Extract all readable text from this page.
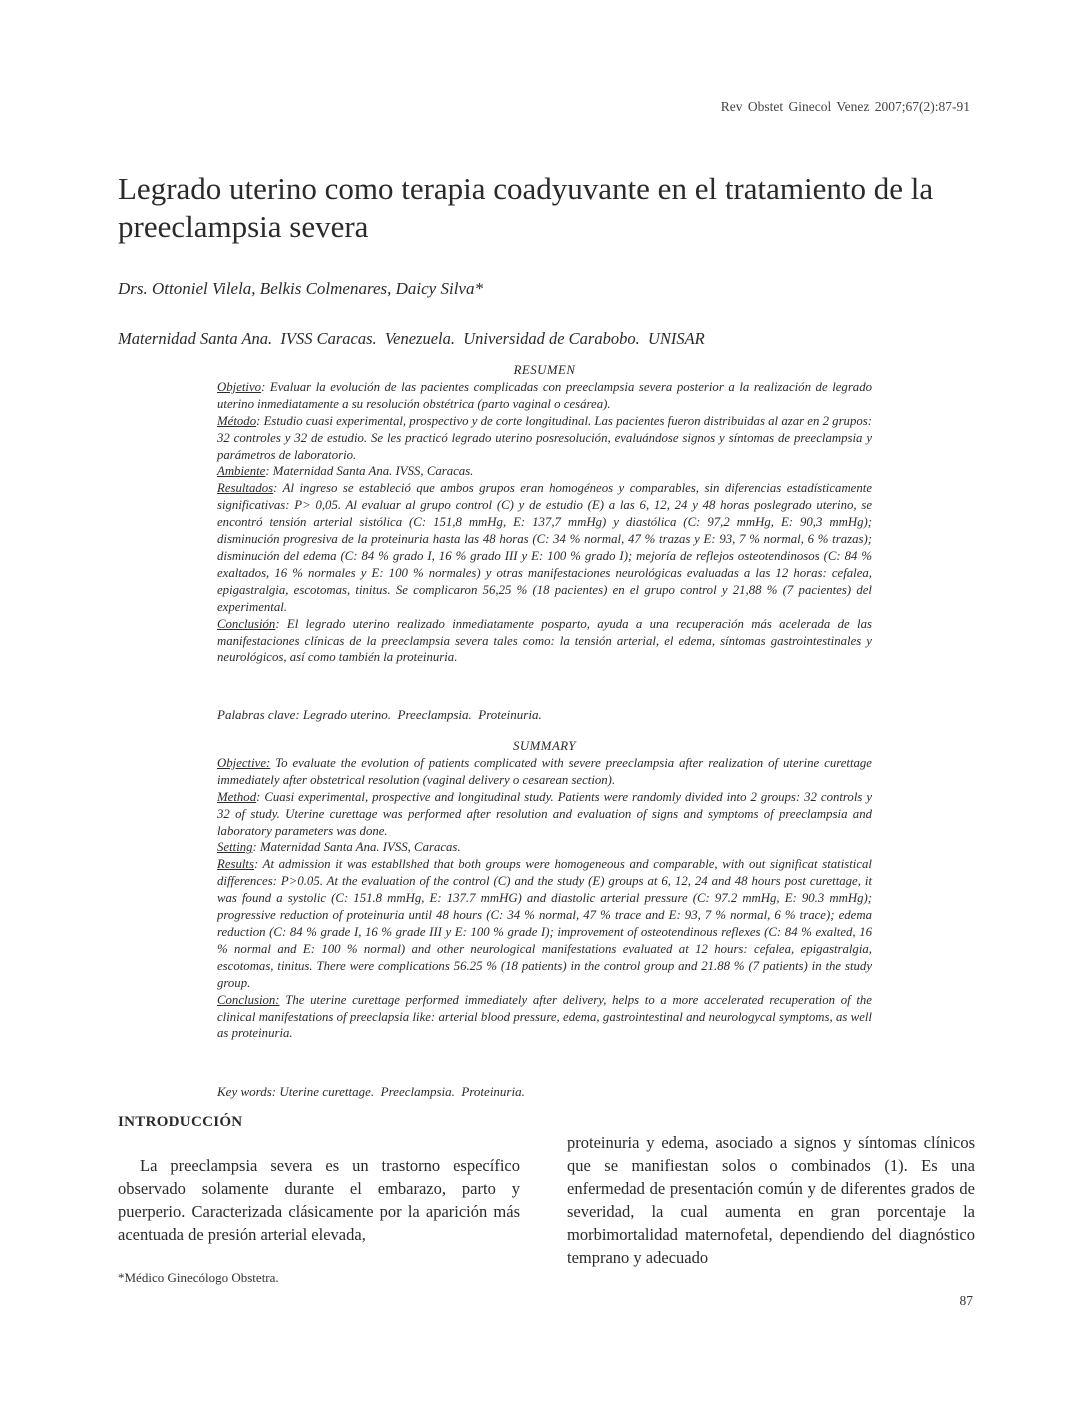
Rev Obstet Ginecol Venez 2007;67(2):87-91
Legrado uterino como terapia coadyuvante en el tratamiento de la preeclampsia severa
Drs. Ottoniel Vilela, Belkis Colmenares, Daicy Silva*
Maternidad Santa Ana.  IVSS Caracas.  Venezuela.  Universidad de Carabobo.  UNISAR
RESUMEN

Objetivo: Evaluar la evolución de las pacientes complicadas con preeclampsia severa posterior a la realización de legrado uterino inmediatamente a su resolución obstétrica (parto vaginal o cesárea).

Método: Estudio cuasi experimental, prospectivo y de corte longitudinal. Las pacientes fueron distribuidas al azar en 2 grupos: 32 controles y 32 de estudio. Se les practicó legrado uterino posresolución, evaluándose signos y síntomas de preeclampsia y parámetros de laboratorio.

Ambiente: Maternidad Santa Ana. IVSS, Caracas.

Resultados: Al ingreso se estableció que ambos grupos eran homogéneos y comparables, sin diferencias estadísticamente significativas: P> 0,05. Al evaluar al grupo control (C) y de estudio (E) a las 6, 12, 24 y 48 horas poslegrado uterino, se encontró tensión arterial sistólica (C: 151,8 mmHg, E: 137,7 mmHg) y diastólica (C: 97,2 mmHg, E: 90,3 mmHg); disminución progresiva de la proteinuria hasta las 48 horas (C: 34 % normal, 47 % trazas y E: 93, 7 % normal, 6 % trazas); disminución del edema (C: 84 % grado I, 16 % grado III y E: 100 % grado I); mejoría de reflejos osteotendinosos (C: 84 % exaltados, 16 % normales y E: 100 % normales) y otras manifestaciones neurológicas evaluadas a las 12 horas: cefalea, epigastralgia, escotomas, tinitus. Se complicaron 56,25 % (18 pacientes) en el grupo control y 21,88 % (7 pacientes) del experimental.

Conclusión: El legrado uterino realizado inmediatamente posparto, ayuda a una recuperación más acelerada de las manifestaciones clínicas de la preeclampsia severa tales como: la tensión arterial, el edema, síntomas gastrointestinales y neurológicos, así como también la proteinuria.

Palabras clave: Legrado uterino.  Preeclampsia.  Proteinuria.
SUMMARY

Objective: To evaluate the evolution of patients complicated with severe preeclampsia after realization of uterine curettage immediately after obstetrical resolution (vaginal delivery o cesarean section).

Method: Cuasi experimental, prospective and longitudinal study. Patients were randomly divided into 2 groups: 32 controls y 32 of study. Uterine curettage was performed after resolution and evaluation of signs and symptoms of preeclampsia and laboratory parameters was done.

Setting: Maternidad Santa Ana. IVSS, Caracas.

Results: At admission it was establlshed that both groups were homogeneous and comparable, with out significat statistical differences: P>0.05. At the evaluation of the control (C) and the study (E) groups at 6, 12, 24 and 48 hours post curettage, it was found a systolic (C: 151.8 mmHg, E: 137.7 mmHG) and diastolic arterial pressure (C: 97.2 mmHg, E: 90.3 mmHg); progressive reduction of proteinuria until 48 hours (C: 34 % normal, 47 % trace and E: 93, 7 % normal, 6 % trace); edema reduction (C: 84 % grade I, 16 % grade III y E: 100 % grade I); improvement of osteotendinous reflexes (C: 84 % exalted, 16 % normal and E: 100 % normal) and other neurological manifestations evaluated at 12 hours: cefalea, epigastralgia, escotomas, tinitus. There were complications 56.25 % (18 patients) in the control group and 21.88 % (7 patients) in the study group.

Conclusion: The uterine curettage performed immediately after delivery, helps to a more accelerated recuperation of the clinical manifestations of preeclapsia like: arterial blood pressure, edema, gastrointestinal and neurologycal symptoms, as well as proteinuria.

Key words: Uterine curettage.  Preeclampsia.  Proteinuria.
INTRODUCCIÓN

La preeclampsia severa es un trastorno específico observado solamente durante el embarazo, parto y puerperio. Caracterizada clásicamente por la aparición más acentuada de presión arterial elevada,

proteinuria y edema, asociado a signos y síntomas clínicos que se manifiestan solos o combinados (1). Es una enfermedad de presentación común y de diferentes grados de severidad, la cual aumenta en gran porcentaje la morbimortalidad maternofetal, dependiendo del diagnóstico temprano y adecuado

*Médico Ginecólogo Obstetra.
87
